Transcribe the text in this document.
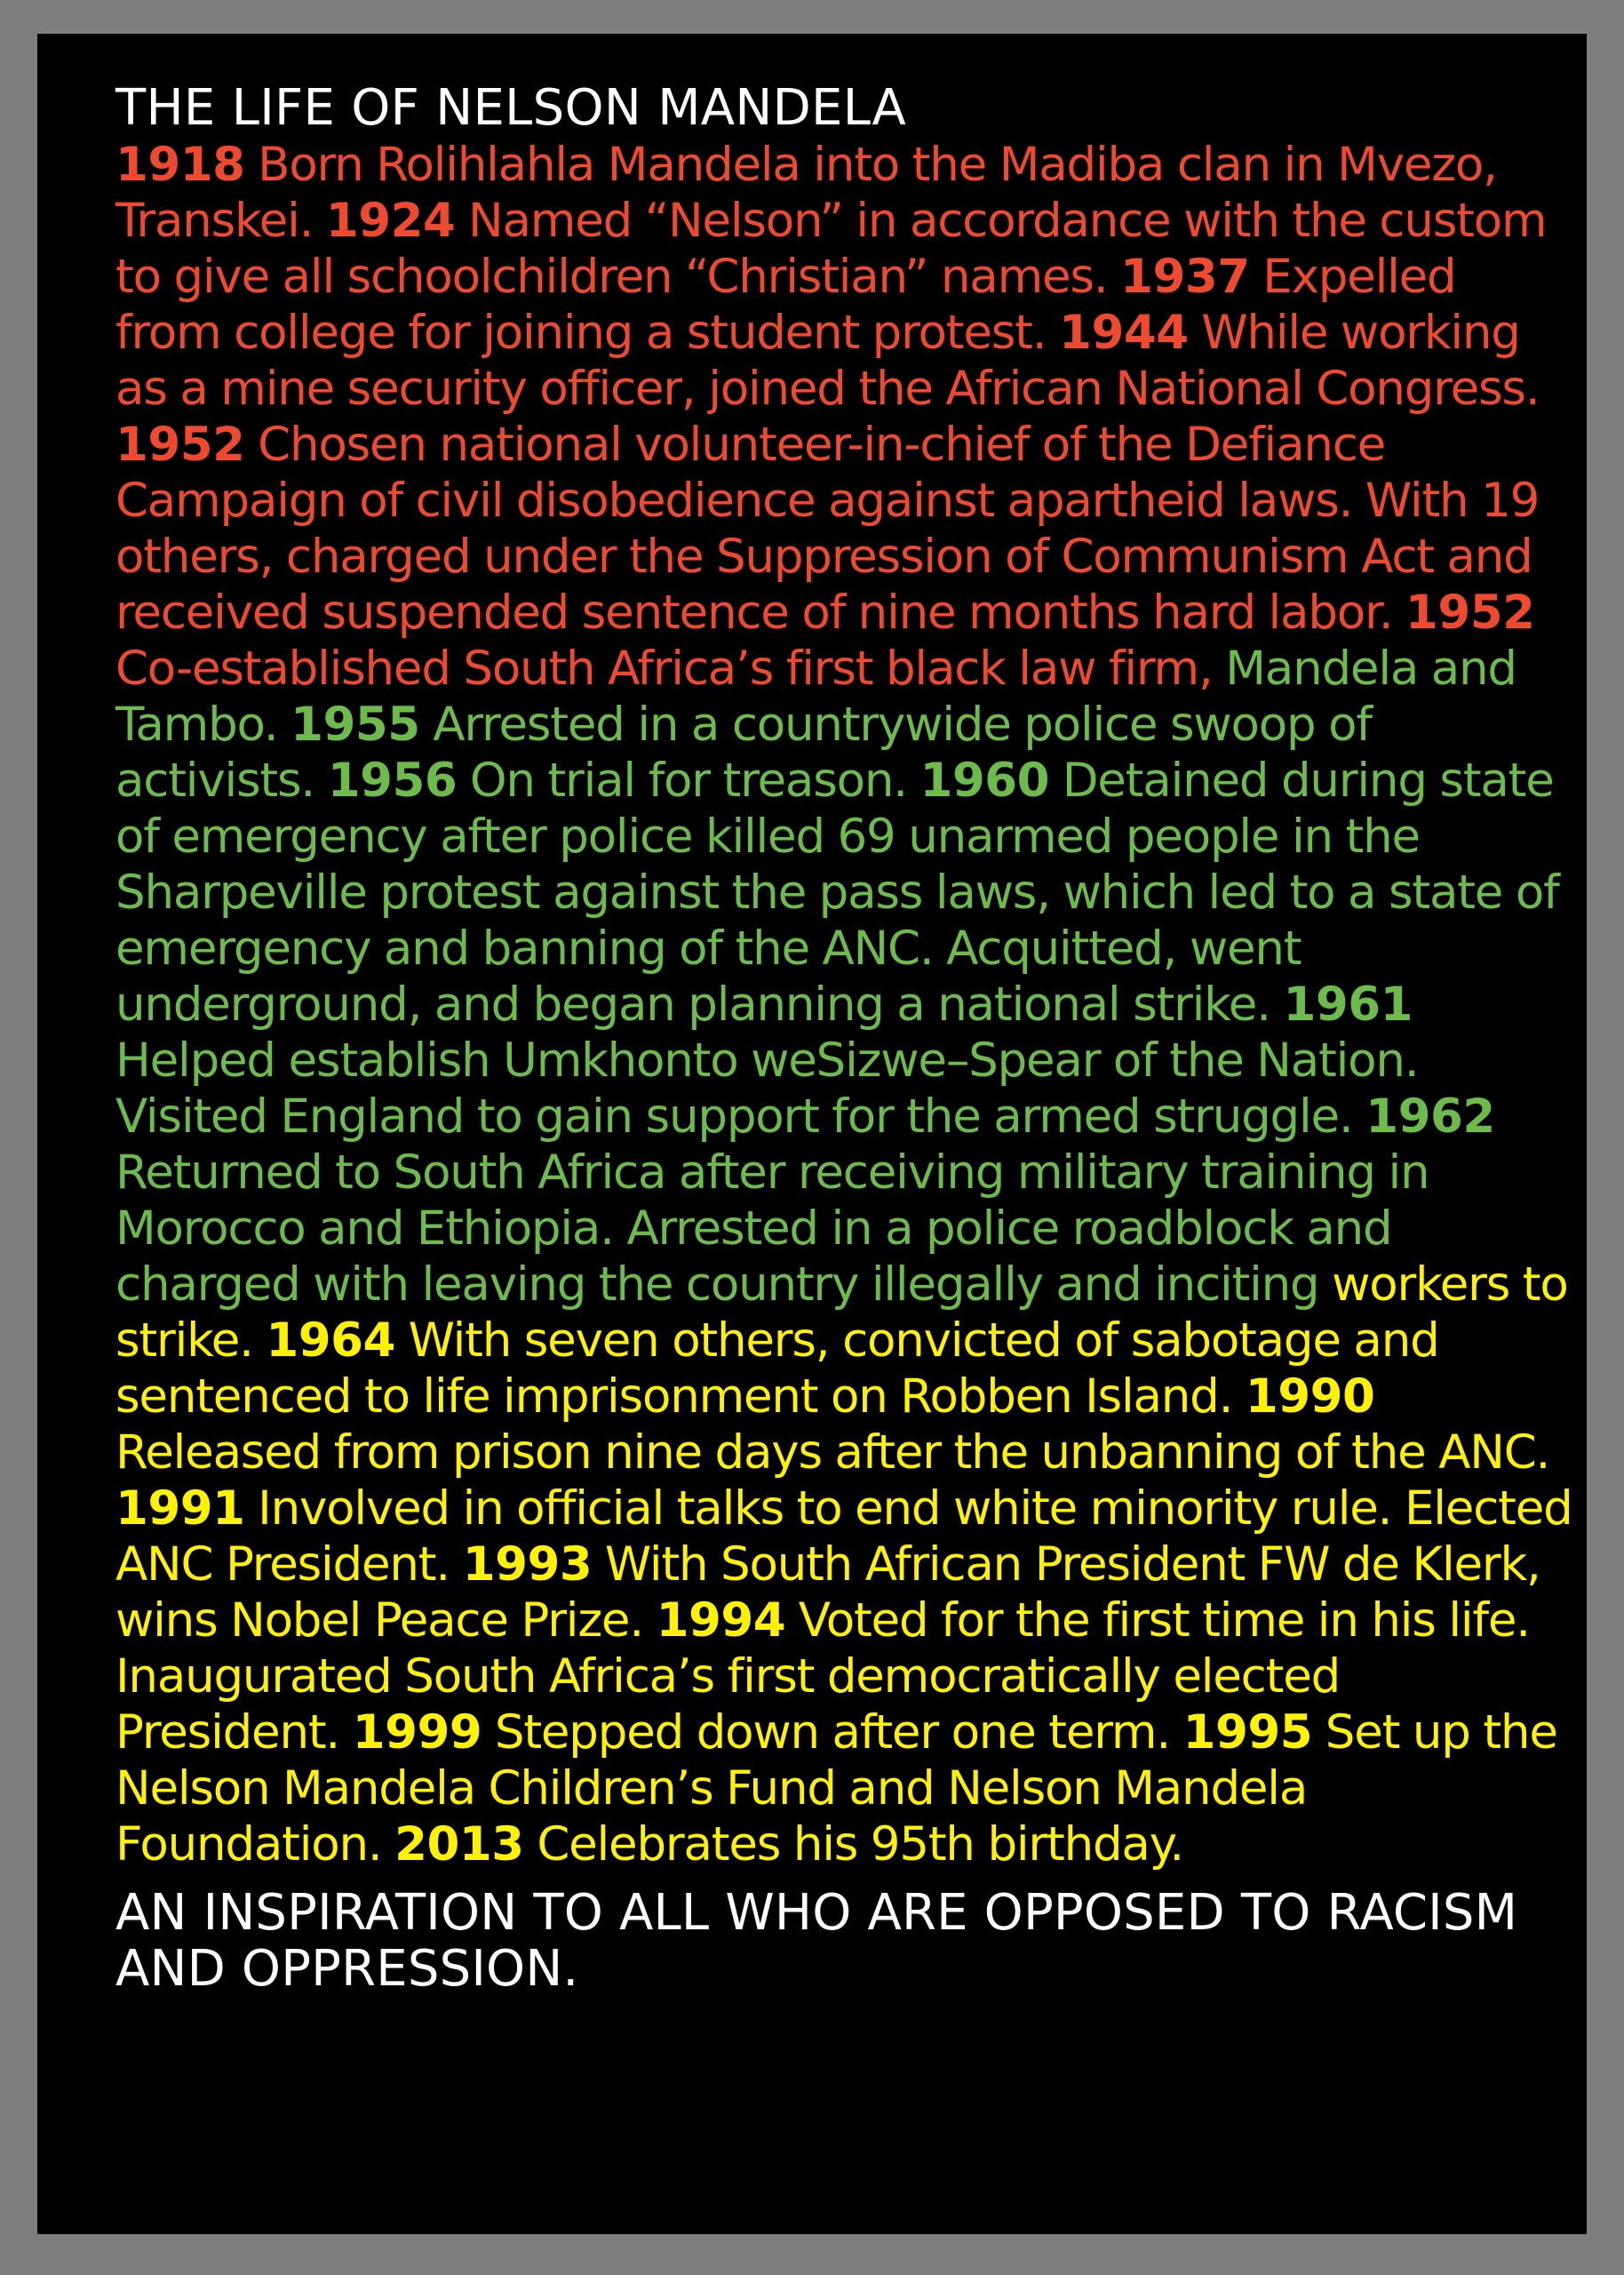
THE LIFE OF NELSON MANDELA
1918 Born Rolihlahla Mandela into the Madiba clan in Mvezo, Transkei. 1924 Named “Nelson” in accordance with the custom to give all schoolchildren “Christian” names. 1937 Expelled from college for joining a student protest. 1944 While working as a mine security officer, joined the African National Congress.  1952 Chosen national volunteer-in-chief of the Defiance Campaign of civil disobedience against apartheid laws. With 19 others, charged under the Suppression of Communism Act and received suspended sentence of nine months hard labor. 1952 Co-established South Africa’s first black law firm, Mandela and Tambo. 1955 Arrested in a countrywide police swoop of activists. 1956 On trial for treason. 1960 Detained during state of emergency after police killed 69 unarmed people in the Sharpeville protest against the pass laws, which led to a state of emergency and banning of the ANC. Acquitted, went underground, and began planning a national strike. 1961 Helped establish Umkhonto weSizwe–Spear of the Nation. Visited England to gain support for the armed struggle. 1962 Returned to South Africa after receiving military training in Morocco and Ethiopia. Arrested in a police roadblock and charged with leaving the country illegally and inciting workers to strike. 1964 With seven others, convicted of sabotage and sentenced to life imprisonment on Robben Island. 1990 Released from prison nine days after the unbanning of the ANC. 1991 Involved in official talks to end white minority rule. Elected ANC President. 1993 With South African President FW de Klerk, wins Nobel Peace Prize. 1994 Voted for the first time in his life. Inaugurated South Africa’s first democratically elected President. 1999 Stepped down after one term. 1995 Set up the Nelson Mandela Children’s Fund and Nelson Mandela Foundation. 2013 Celebrates his 95th birthday.
AN INSPIRATION TO ALL WHO ARE OPPOSED TO RACISM AND OPPRESSION.
